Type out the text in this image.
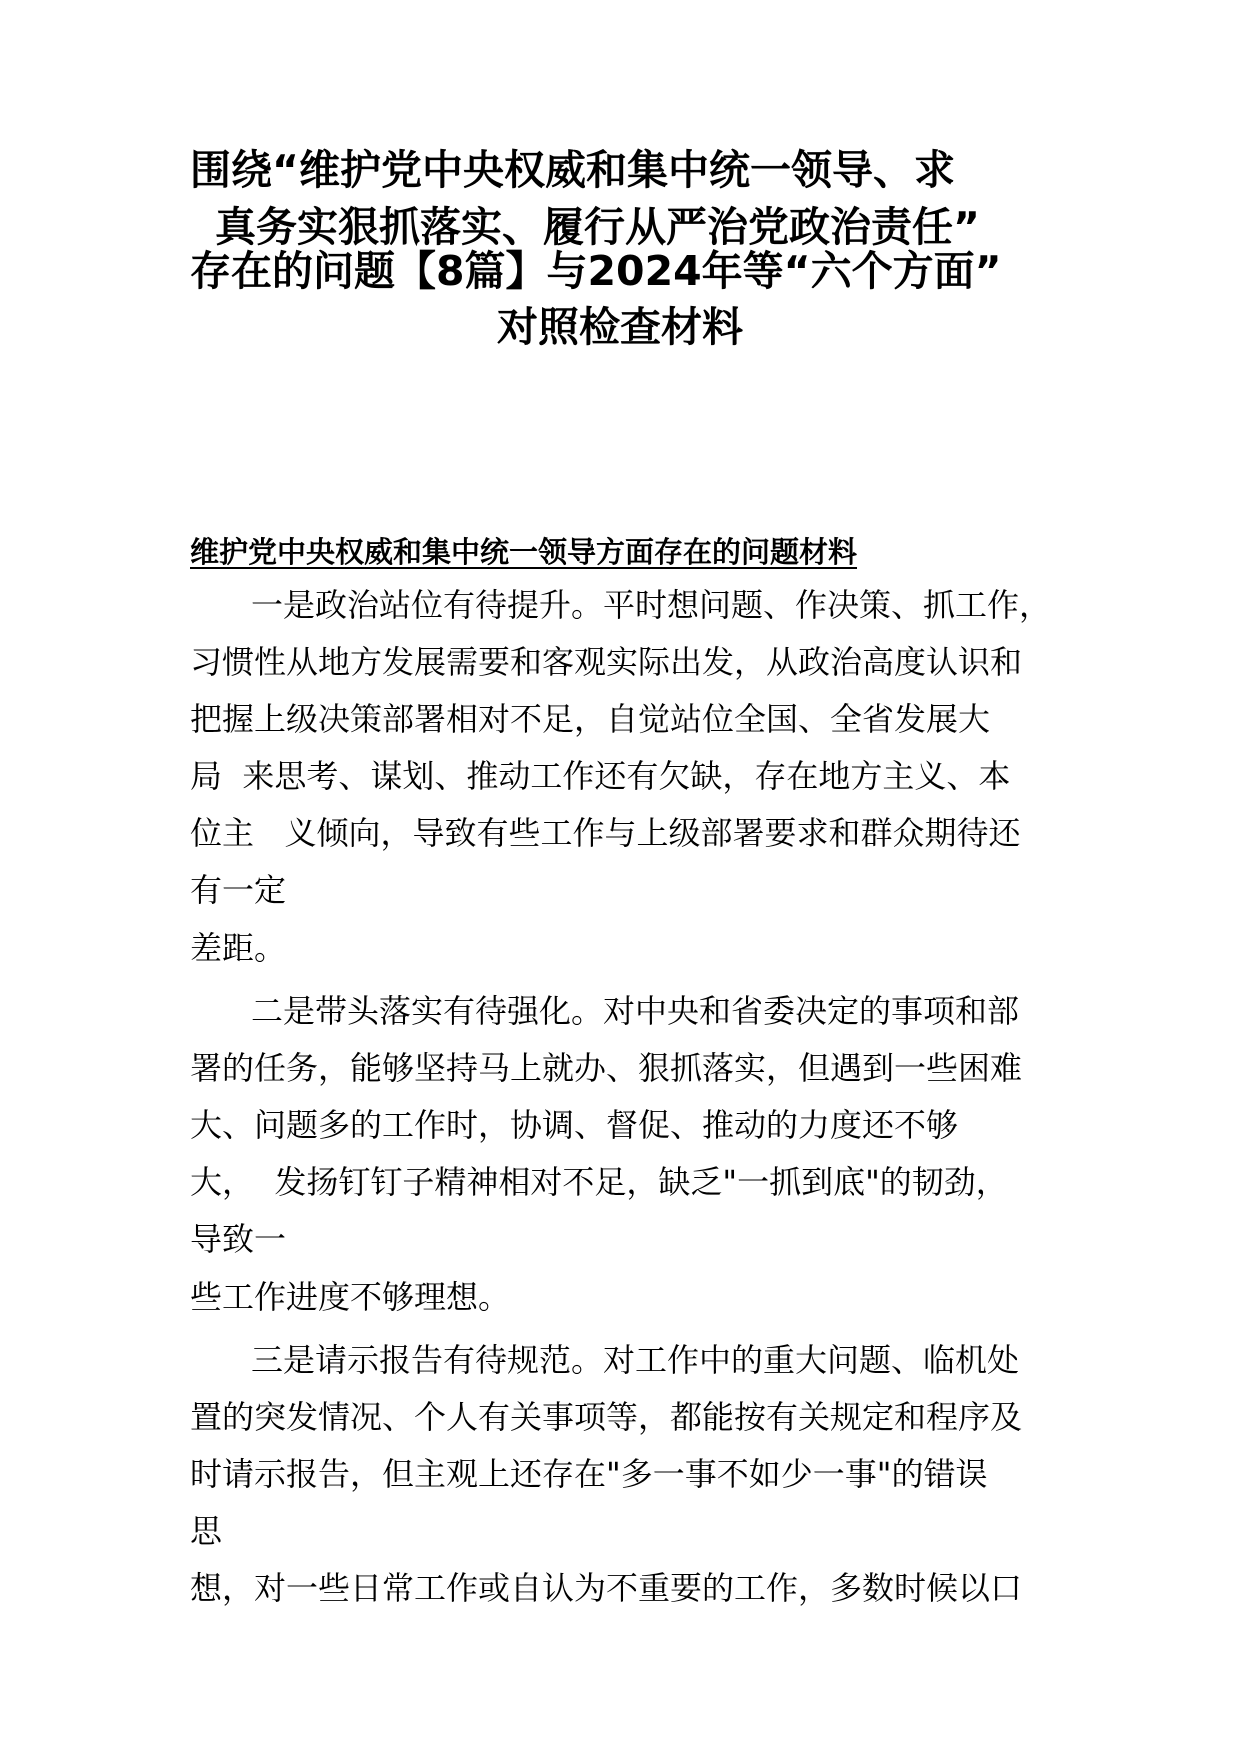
围绕“维护党中央权威和集中统一领导、求
真务实狠抓落实、履行从严治党政治责任”
存在的问题【8篇】与2024年等“六个方面”
对照检查材料
维护党中央权威和集中统一领导方面存在的问题材料
一是政治站位有待提升。平时想问题、作决策、抓工作，
习惯性从地方发展需要和客观实际出发，从政治高度认识和
把握上级决策部署相对不足，自觉站位全国、全省发展大
局  来思考、谋划、推动工作还有欠缺，存在地方主义、本
位主   义倾向，导致有些工作与上级部署要求和群众期待还
有一定
差距。
二是带头落实有待强化。对中央和省委决定的事项和部
署的任务，能够坚持马上就办、狠抓落实，但遇到一些困难
大、问题多的工作时，协调、督促、推动的力度还不够
大，  发扬钉钉子精神相对不足，缺乏"一抓到底"的韧劲，
导致一
些工作进度不够理想。
三是请示报告有待规范。对工作中的重大问题、临机处
置的突发情况、个人有关事项等，都能按有关规定和程序及
时请示报告，但主观上还存在"多一事不如少一事"的错误
思
想，对一些日常工作或自认为不重要的工作，多数时候以口
